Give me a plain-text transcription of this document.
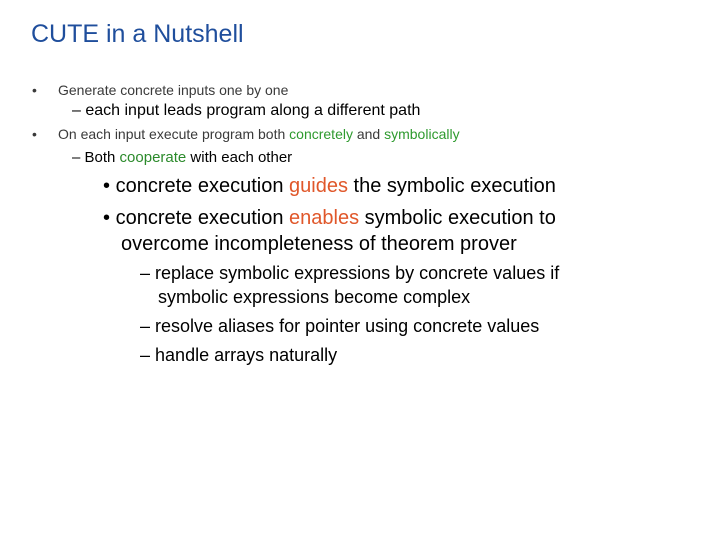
CUTE in a Nutshell
• Generate concrete inputs one by one
– each input leads program along a different path
• On each input execute program both concretely and symbolically
– Both cooperate with each other
• concrete execution guides the symbolic execution
• concrete execution enables symbolic execution to
overcome incompleteness of theorem prover
– replace symbolic expressions by concrete values if
symbolic expressions become complex
– resolve aliases for pointer using concrete values
– handle arrays naturally
